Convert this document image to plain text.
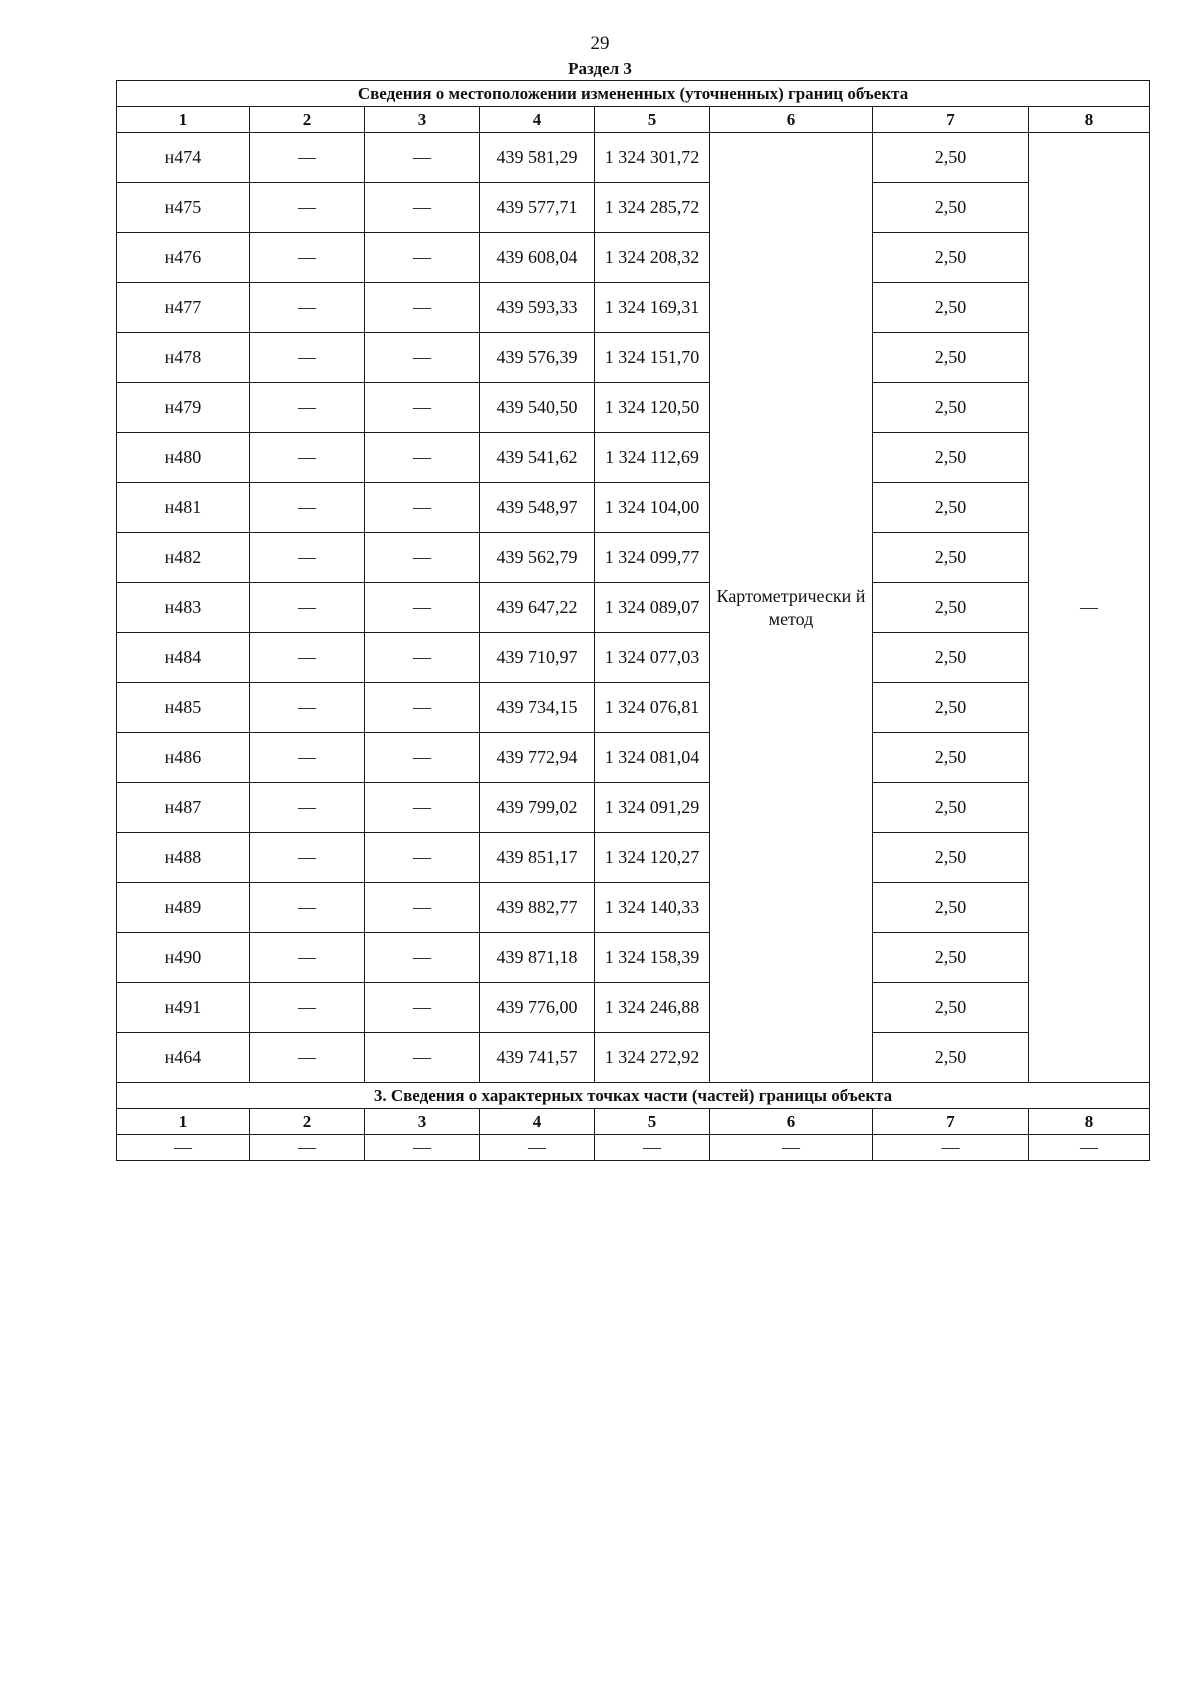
29
Раздел 3
Сведения о местоположении измененных (уточненных) границ объекта							
1	2	3	4	5	6	7	8
н474	—	—	439 581,29	1 324 301,72	Картометрически й метод	2,50	—
н475	—	—	439 577,71	1 324 285,72		2,50	
н476	—	—	439 608,04	1 324 208,32		2,50	
н477	—	—	439 593,33	1 324 169,31		2,50	
н478	—	—	439 576,39	1 324 151,70		2,50	
н479	—	—	439 540,50	1 324 120,50		2,50	
н480	—	—	439 541,62	1 324 112,69		2,50	
н481	—	—	439 548,97	1 324 104,00		2,50	
н482	—	—	439 562,79	1 324 099,77		2,50	
н483	—	—	439 647,22	1 324 089,07		2,50	
н484	—	—	439 710,97	1 324 077,03		2,50	
н485	—	—	439 734,15	1 324 076,81		2,50	
н486	—	—	439 772,94	1 324 081,04		2,50	
н487	—	—	439 799,02	1 324 091,29		2,50	
н488	—	—	439 851,17	1 324 120,27		2,50	
н489	—	—	439 882,77	1 324 140,33		2,50	
н490	—	—	439 871,18	1 324 158,39		2,50	
н491	—	—	439 776,00	1 324 246,88		2,50	
н464	—	—	439 741,57	1 324 272,92		2,50	
3. Сведения о характерных точках части (частей) границы объекта							
1	2	3	4	5	6	7	8
—	—	—	—	—	—	—	—
